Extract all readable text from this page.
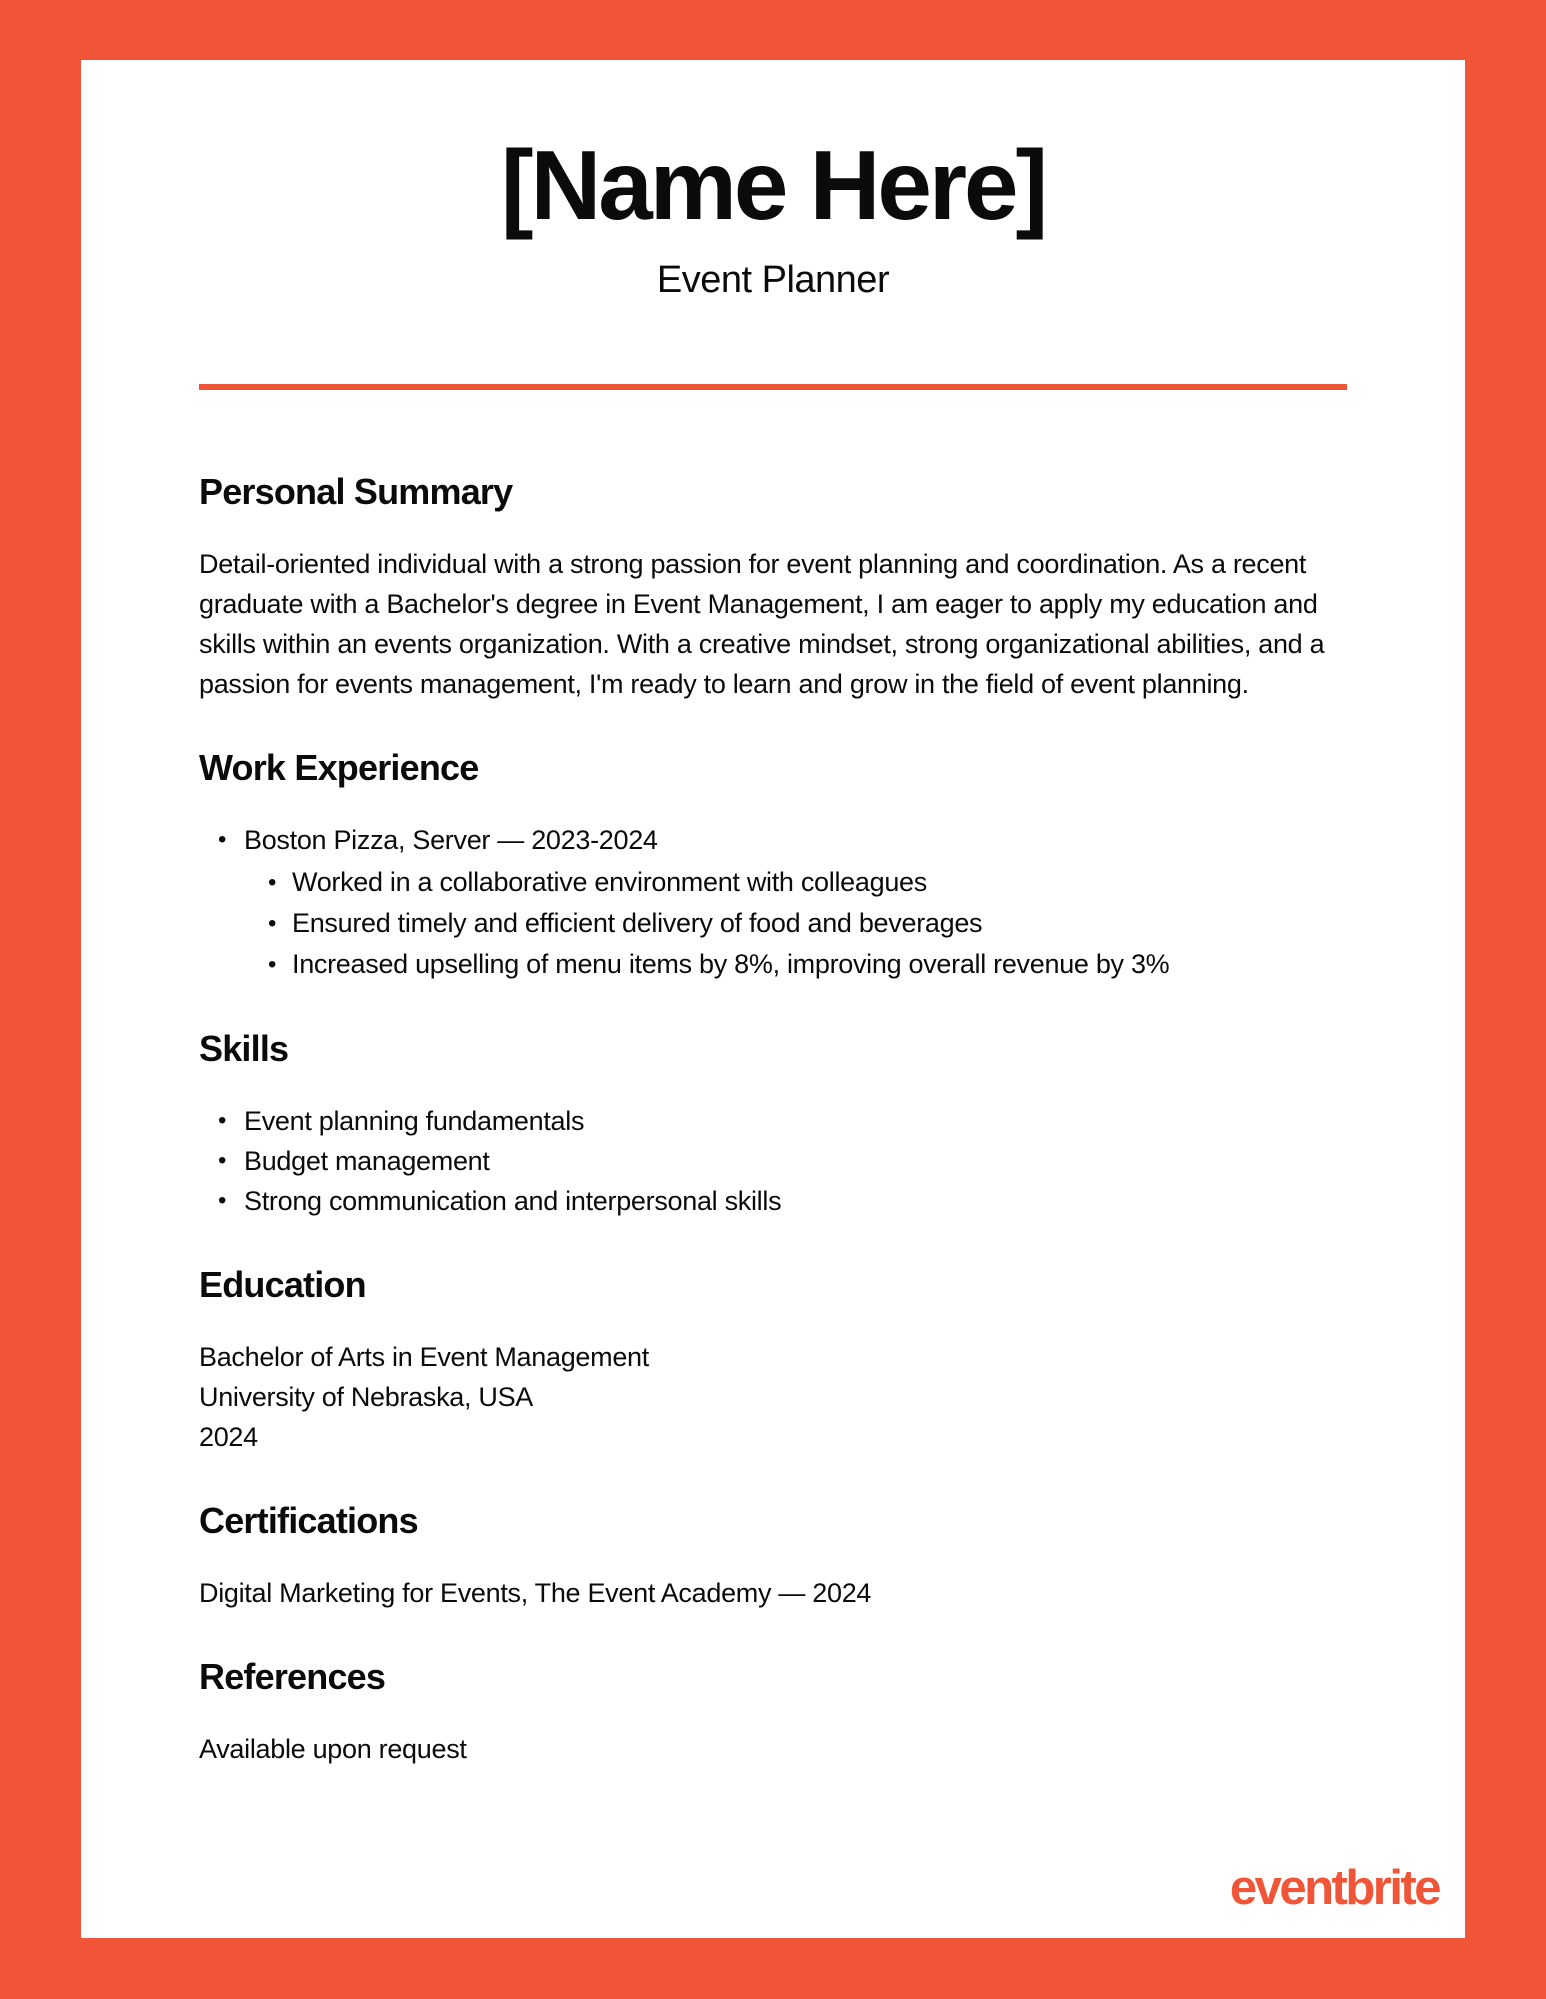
[Name Here]
Event Planner
Personal Summary

Detail-oriented individual with a strong passion for event planning and coordination. As a recent graduate with a Bachelor's degree in Event Management, I am eager to apply my education and skills within an events organization. With a creative mindset, strong organizational abilities, and a passion for events management, I'm ready to learn and grow in the field of event planning.

Work Experience
• Boston Pizza, Server — 2023-2024
• Worked in a collaborative environment with colleagues
• Ensured timely and efficient delivery of food and beverages
• Increased upselling of menu items by 8%, improving overall revenue by 3%
Skills
• Event planning fundamentals
• Budget management
• Strong communication and interpersonal skills
Education
Bachelor of Arts in Event Management
University of Nebraska, USA
2024
Certifications

Digital Marketing for Events, The Event Academy — 2024

References

Available upon request

eventbrite
